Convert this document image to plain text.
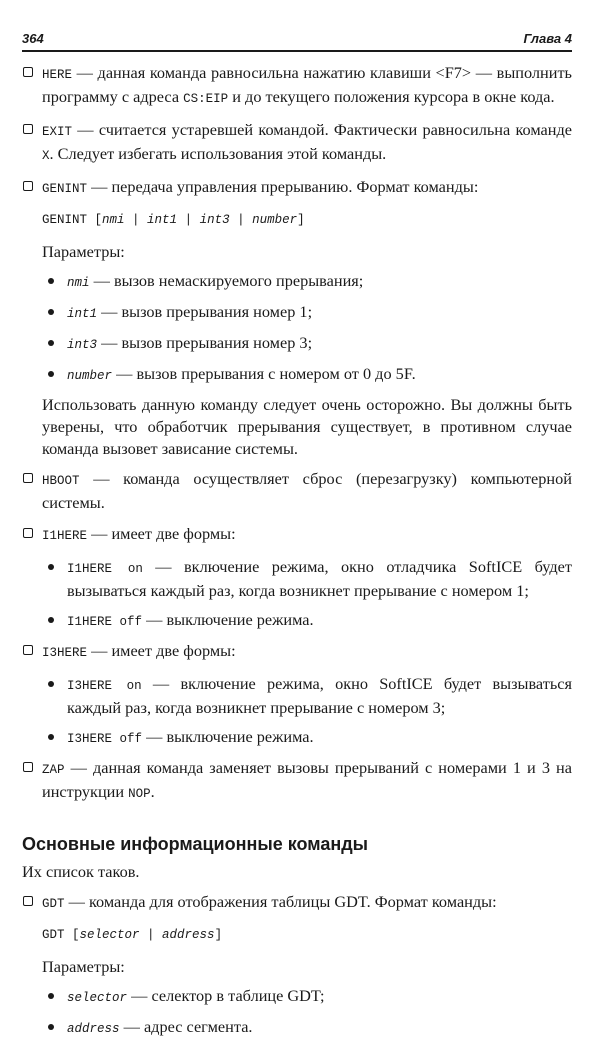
364	Глава 4
HERE — данная команда равносильна нажатию клавиши <F7> — выполнить программу с адреса CS:EIP и до текущего положения курсора в окне кода.
EXIT — считается устаревшей командой. Фактически равносильна команде X. Следует избегать использования этой команды.
GENINT — передача управления прерыванию. Формат команды:
GENINT [nmi | int1 | int3 | number]
Параметры:
nmi — вызов немаскируемого прерывания;
int1 — вызов прерывания номер 1;
int3 — вызов прерывания номер 3;
number — вызов прерывания с номером от 0 до 5F.
Использовать данную команду следует очень осторожно. Вы должны быть уверены, что обработчик прерывания существует, в противном случае команда вызовет зависание системы.
HBOOT — команда осуществляет сброс (перезагрузку) компьютерной системы.
I1HERE — имеет две формы:
I1HERE on — включение режима, окно отладчика SoftICE будет вызываться каждый раз, когда возникнет прерывание с номером 1;
I1HERE off — выключение режима.
I3HERE — имеет две формы:
I3HERE on — включение режима, окно SoftICE будет вызываться каждый раз, когда возникнет прерывание с номером 3;
I3HERE off — выключение режима.
ZAP — данная команда заменяет вызовы прерываний с номерами 1 и 3 на инструкции NOP.
Основные информационные команды
Их список таков.
GDT — команда для отображения таблицы GDT. Формат команды:
GDT [selector | address]
Параметры:
selector — селектор в таблице GDT;
address — адрес сегмента.
